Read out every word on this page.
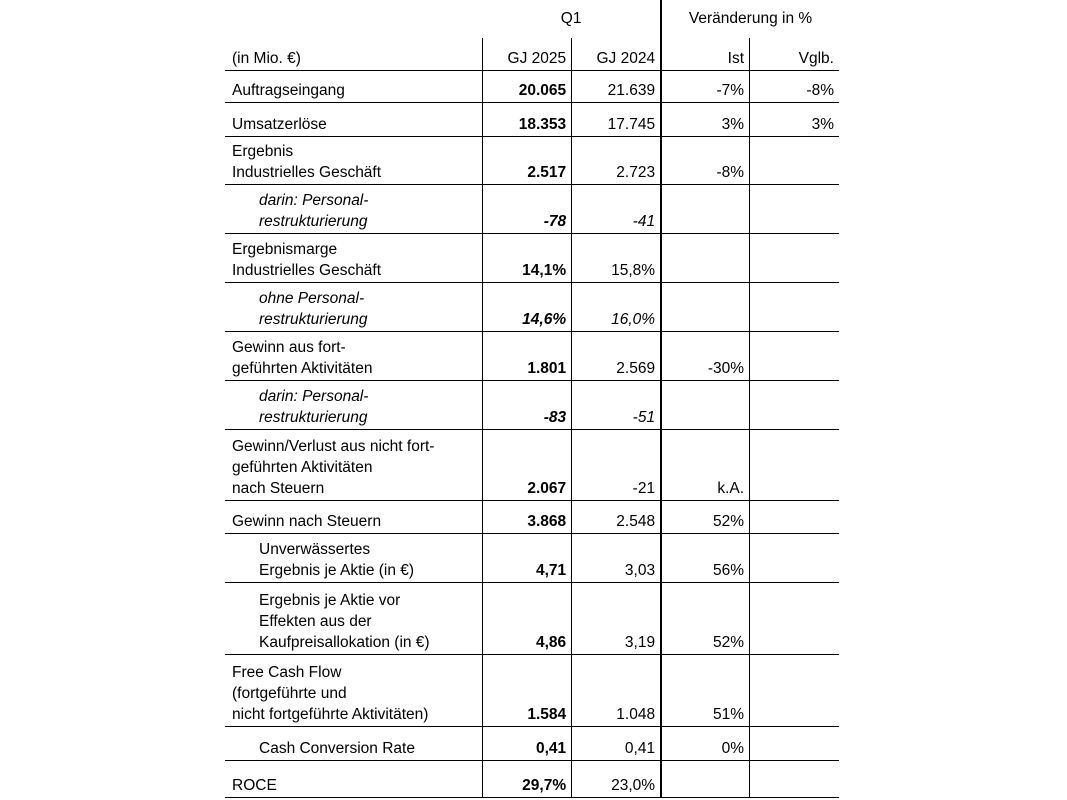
	Q1		Veränderung in %	
(in Mio. €)	GJ 2025	GJ 2024	Ist	Vglb.

Auftragseingang	20.065	21.639	-7%	-8%

Umsatzerlöse	18.353	17.745	3%	3%

Ergebnis
Industrielles Geschäft	2.517	2.723	-8%	

darin: Personal-
restrukturierung	-78	-41		

Ergebnismarge
Industrielles Geschäft	14,1%	15,8%		

ohne Personal-
restrukturierung	14,6%	16,0%		

Gewinn aus fort-
geführten Aktivitäten	1.801	2.569	-30%	

darin: Personal-
restrukturierung	-83	-51		

Gewinn/Verlust aus nicht fort-
geführten Aktivitäten
nach Steuern	2.067	-21	k.A.	

Gewinn nach Steuern	3.868	2.548	52%	

Unverwässertes
Ergebnis je Aktie (in €)	4,71	3,03	56%	

Ergebnis je Aktie vor
Effekten aus der
Kaufpreisallokation (in €)	4,86	3,19	52%	

Free Cash Flow
(fortgeführte und
nicht fortgeführte Aktivitäten)	1.584	1.048	51%	

Cash Conversion Rate	0,41	0,41	0%	

ROCE	29,7%	23,0%		
